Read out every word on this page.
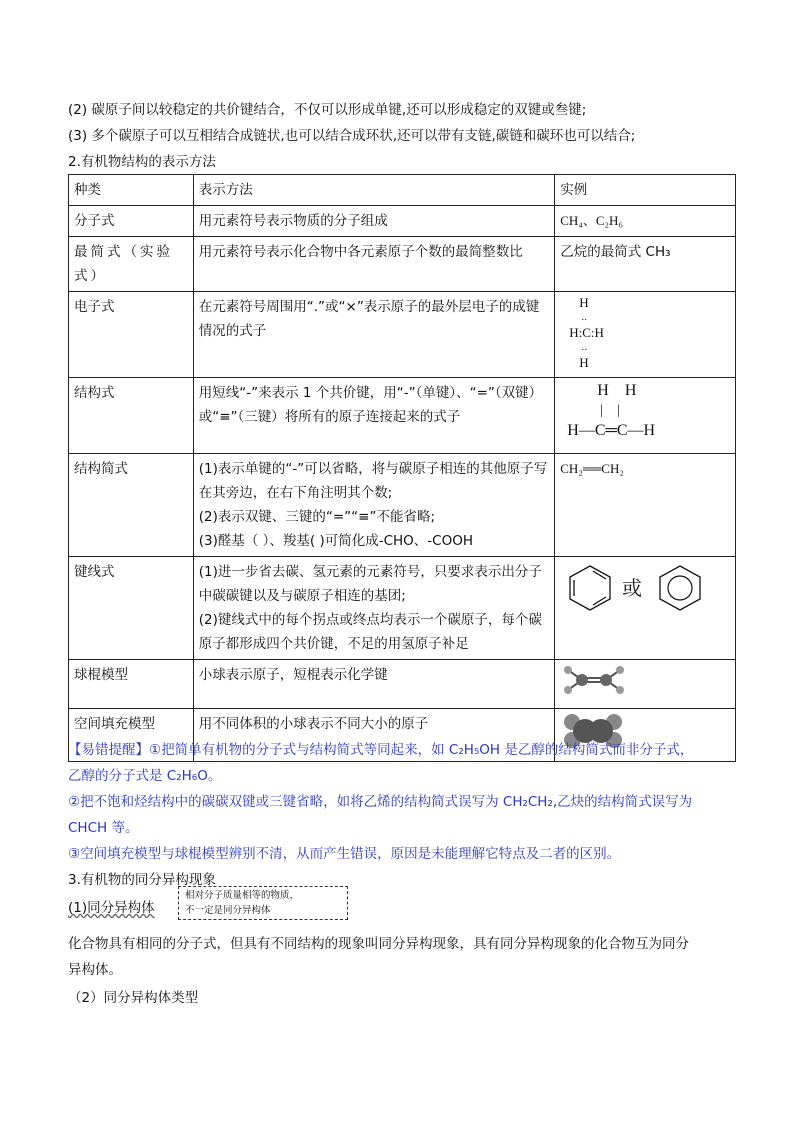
(2) 碳原子间以较稳定的共价键结合，不仅可以形成单键,还可以形成稳定的双键或叁键;
(3) 多个碳原子可以互相结合成链状,也可以结合成环状,还可以带有支链,碳链和碳环也可以结合;
2.有机物结构的表示方法
种类	表示方法	实例
分子式	用元素符号表示物质的分子组成	CH₄、C₂H₆
最简式（实验式）	用元素符号表示化合物中各元素原子个数的最简整数比	乙烷的最简式 CH₃
电子式	在元素符号周围用“.”或“×”表示原子的最外层电子的成键情况的式子	H
‥
H:C:H
‥
H

结构式	用短线“-”来表示 1 个共价键，用“-”（单键）、“=”（双键）或“≡”（三键）将所有的原子连接起来的式子	H    H
|    |
H—C═C—H

结构简式	(1)表示单键的“-”可以省略，将与碳原子相连的其他原子写在其旁边，在右下角注明其个数;
(2)表示双键、三键的“=”“≡”不能省略;
(3)醛基（ ）、羧基( )可简化成-CHO、-COOH	CH₂══CH₂
键线式	(1)进一步省去碳、氢元素的元素符号，只要求表示出分子中碳碳键以及与碳原子相连的基团;
(2)键线式中的每个拐点或终点均表示一个碳原子，每个碳原子都形成四个共价键，不足的用氢原子补足	或

球棍模型	小球表示原子，短棍表示化学键	
空间填充模型	用不同体积的小球表示不同大小的原子	
【易错提醒】①把简单有机物的分子式与结构简式等同起来，如 C₂H₅OH 是乙醇的结构简式而非分子式，
乙醇的分子式是 C₂H₆O。
②把不饱和烃结构中的碳碳双键或三键省略，如将乙烯的结构简式误写为 CH₂CH₂,乙炔的结构简式误写为
CHCH 等。
③空间填充模型与球棍模型辨别不清，从而产生错误，原因是未能理解它特点及二者的区别。
3.有机物的同分异构现象
(1)同分异构体
相对分子质量相等的物质，
不一定是同分异构体
化合物具有相同的分子式，但具有不同结构的现象叫同分异构现象，具有同分异构现象的化合物互为同分
异构体。
（2）同分异构体类型
